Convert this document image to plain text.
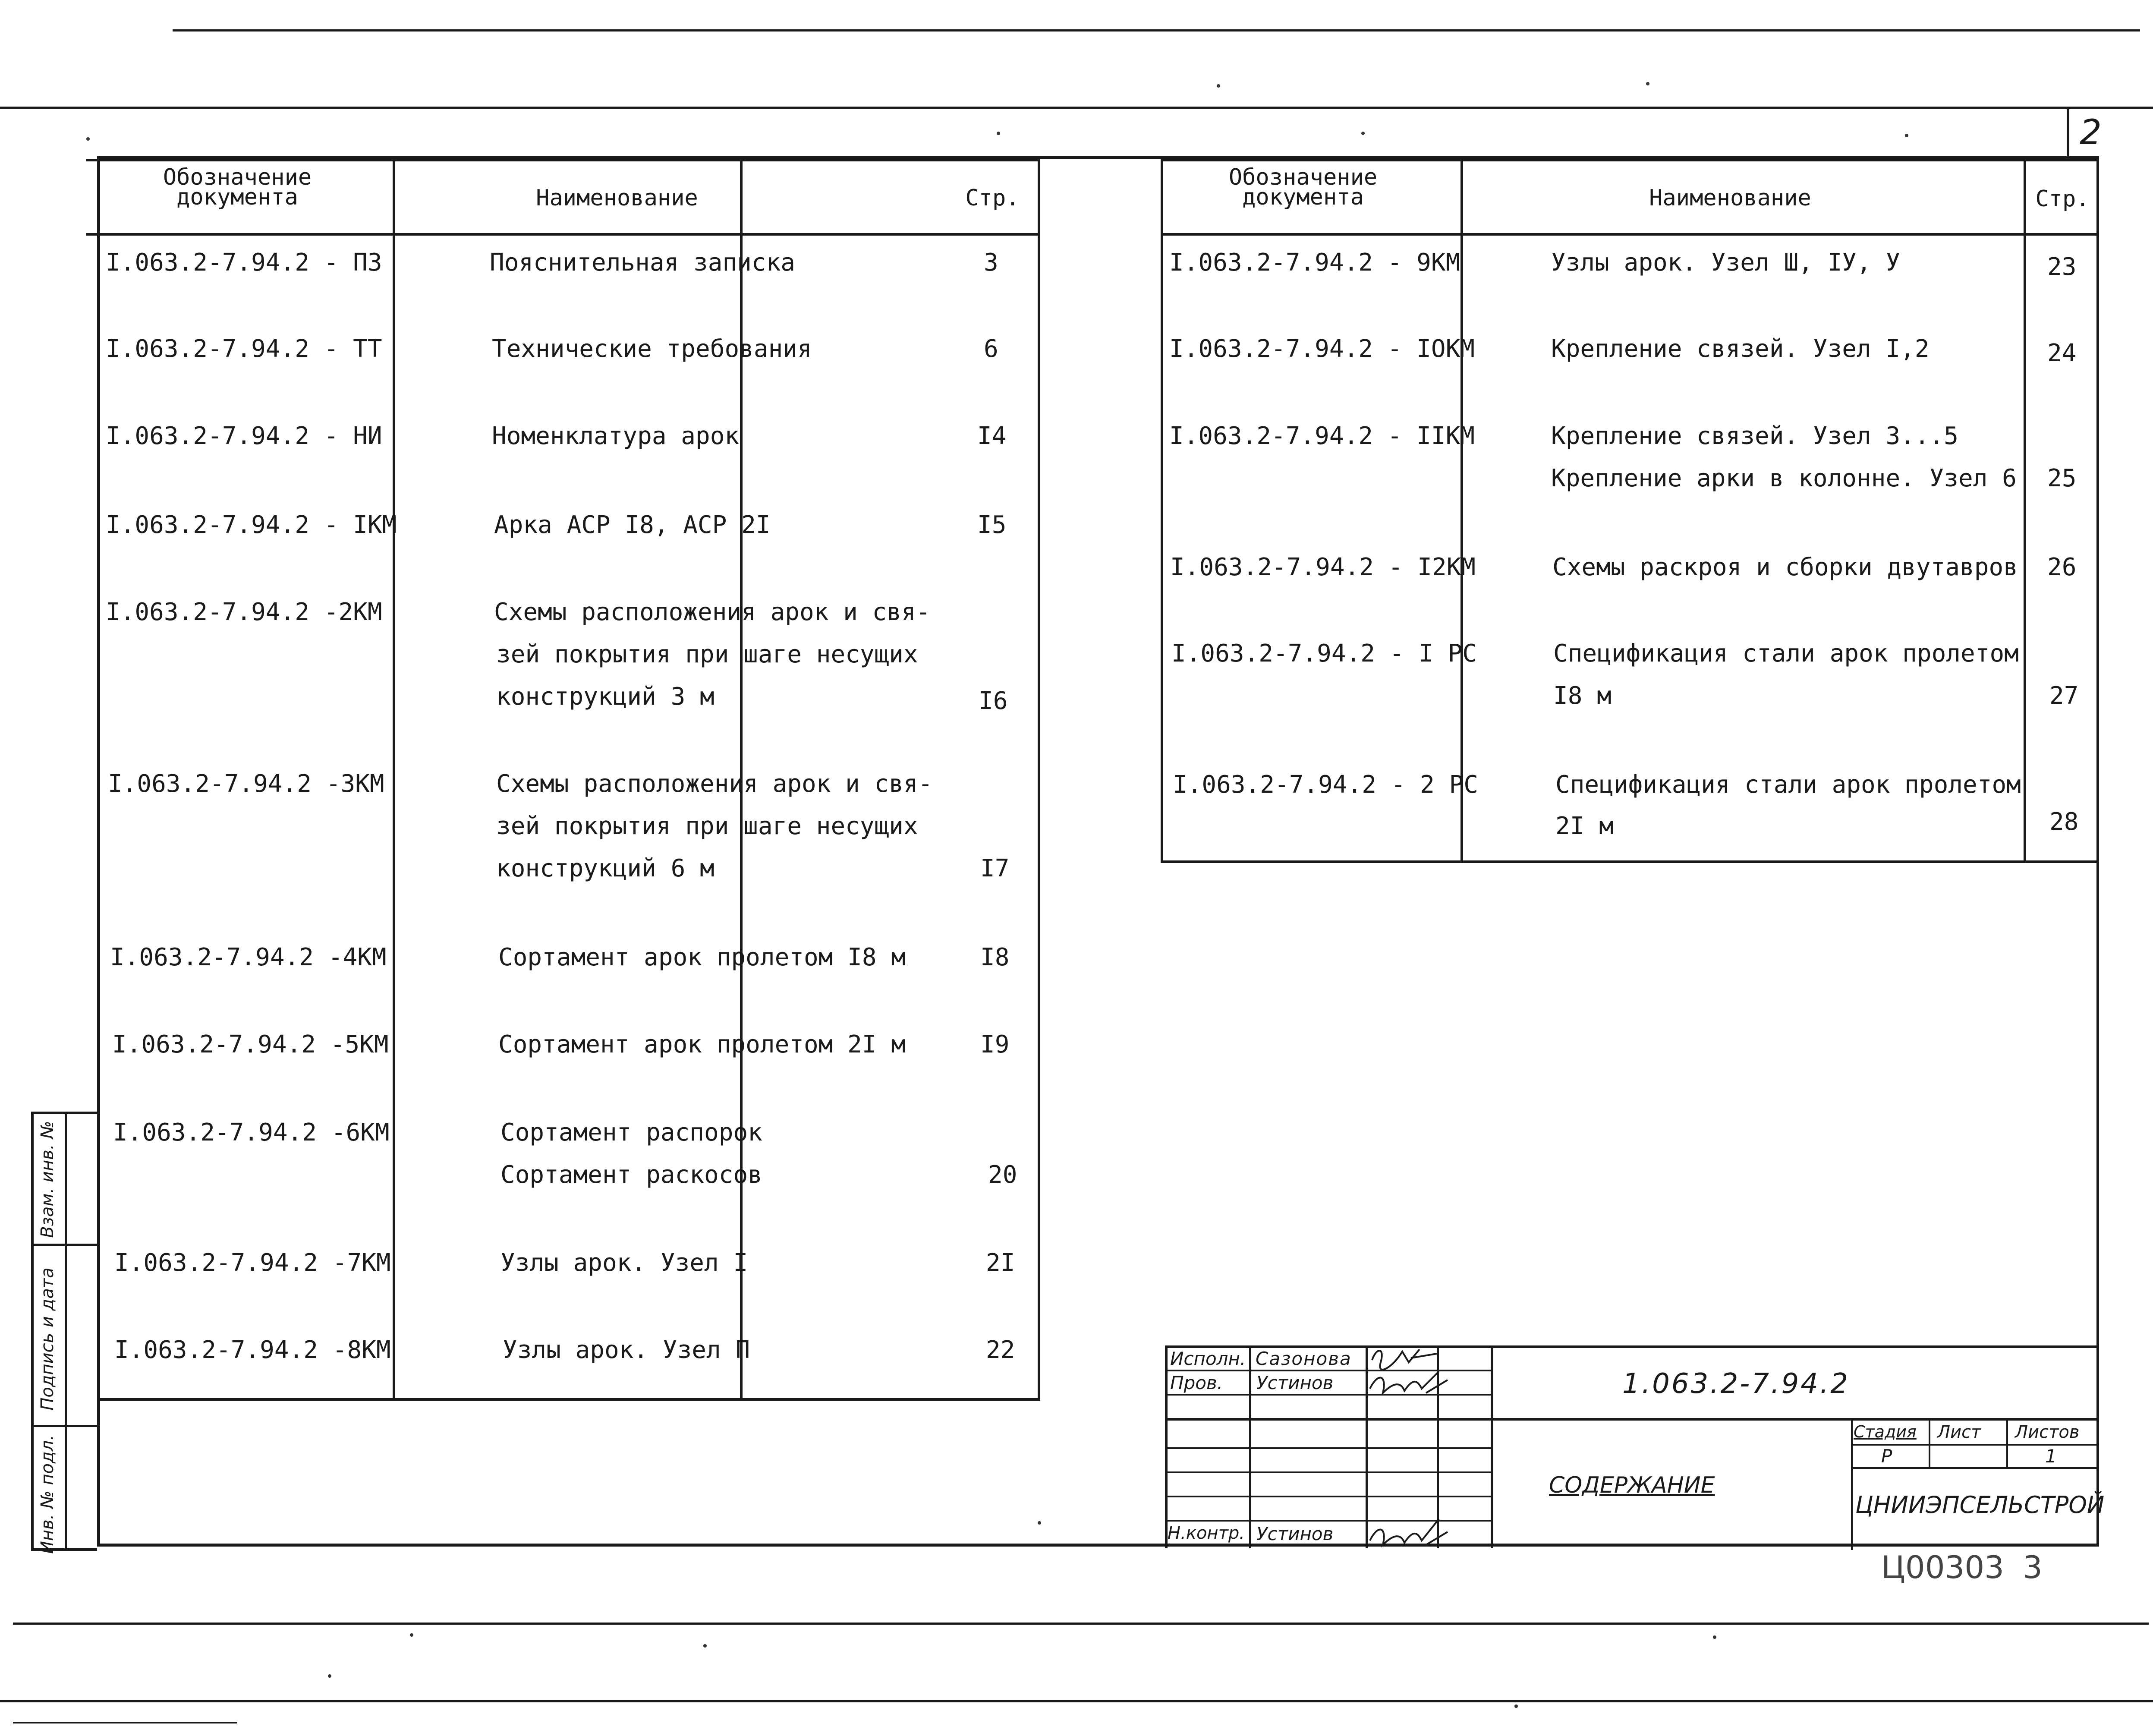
2
Обозначение документа	Наименование	Стр.
I.063.2-7.94.2 - ПЗ	Пояснительная записка	3
I.063.2-7.94.2 - ТТ	Технические требования	6
I.063.2-7.94.2 - НИ	Номенклатура арок	I4
I.063.2-7.94.2 - IКМ	Арка АСР I8, АСР 2I	I5
I.063.2-7.94.2 -2КМ	Схемы расположения арок и свя-
зей покрытия при шаге несущих
конструкций 3 м	I6
I.063.2-7.94.2 -3КМ	Схемы расположения арок и свя-
зей покрытия при шаге несущих
конструкций 6 м	I7
I.063.2-7.94.2 -4КМ	Сортамент арок пролетом I8 м	I8
I.063.2-7.94.2 -5КМ	Сортамент арок пролетом 2I м	I9
I.063.2-7.94.2 -6КМ	Сортамент распорок
Сортамент раскосов	20
I.063.2-7.94.2 -7КМ	Узлы арок. Узел I	2I
I.063.2-7.94.2 -8КМ	Узлы арок. Узел П	22
Обозначение документа	Наименование	Стр.
I.063.2-7.94.2 - 9КМ	Узлы арок. Узел Ш, IУ, У	23
I.063.2-7.94.2 - IОКМ	Крепление связей. Узел I,2	24
I.063.2-7.94.2 - IIКМ	Крепление связей. Узел 3...5
Крепление арки в колонне. Узел 6 25
I.063.2-7.94.2 - I2КМ	Схемы раскроя и сборки двутавров 26
I.063.2-7.94.2 - I РС	Спецификация стали арок пролетом
I8 м	27
I.063.2-7.94.2 - 2 РС	Спецификация стали арок пролетом
2I м	28
Инв. № подл.
Подпись и дата
Взам. инв. №
Исполн.
Пров.
Н.контр.
Сазонова
Устинов
Устинов
1.063.2-7.94.2
СОДЕРЖАНИЕ
Стадия Лист Листов
Р	1
ЦНИИЭПСЕЛЬСТРОЙ
Ц00303 3
